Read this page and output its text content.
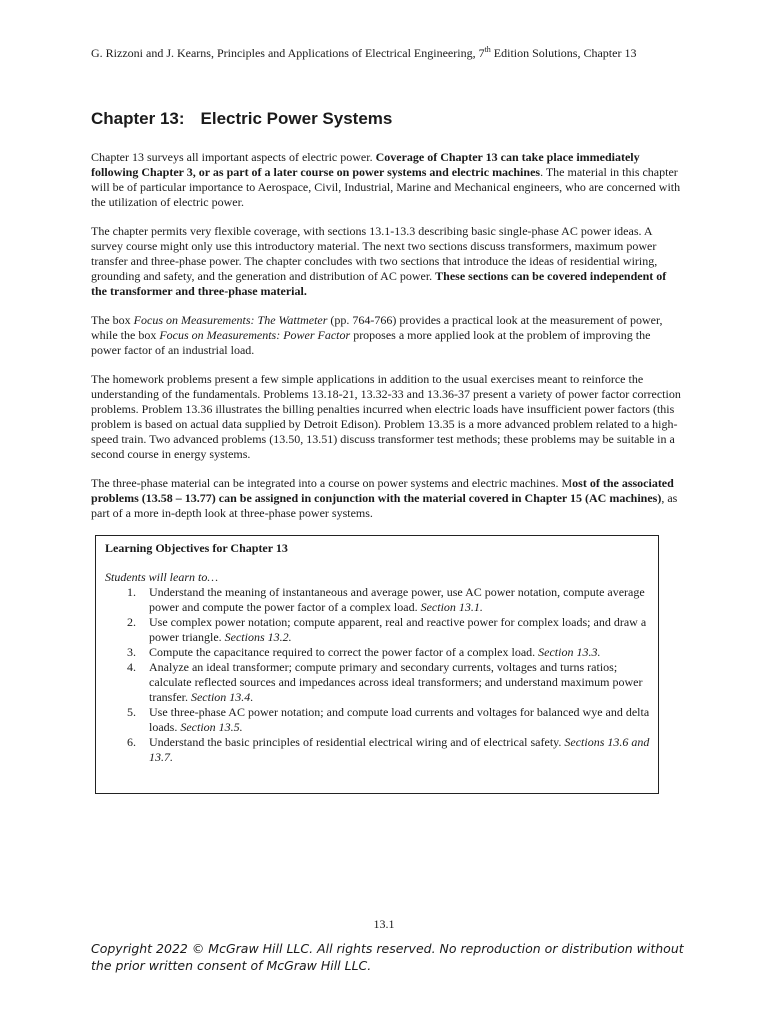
G. Rizzoni and J. Kearns, Principles and Applications of Electrical Engineering, 7th Edition Solutions, Chapter 13
Chapter 13: Electric Power Systems

Chapter 13 surveys all important aspects of electric power. Coverage of Chapter 13 can take place immediately following Chapter 3, or as part of a later course on power systems and electric machines. The material in this chapter will be of particular importance to Aerospace, Civil, Industrial, Marine and Mechanical engineers, who are concerned with the utilization of electric power.

The chapter permits very flexible coverage, with sections 13.1-13.3 describing basic single-phase AC power ideas. A survey course might only use this introductory material. The next two sections discuss transformers, maximum power transfer and three-phase power. The chapter concludes with two sections that introduce the ideas of residential wiring, grounding and safety, and the generation and distribution of AC power. These sections can be covered independent of the transformer and three-phase material.

The box Focus on Measurements: The Wattmeter (pp. 764-766) provides a practical look at the measurement of power, while the box Focus on Measurements: Power Factor proposes a more applied look at the problem of improving the power factor of an industrial load.

The homework problems present a few simple applications in addition to the usual exercises meant to reinforce the understanding of the fundamentals. Problems 13.18-21, 13.32-33 and 13.36-37 present a variety of power factor correction problems. Problem 13.36 illustrates the billing penalties incurred when electric loads have insufficient power factors (this problem is based on actual data supplied by Detroit Edison). Problem 13.35 is a more advanced problem related to a high-speed train. Two advanced problems (13.50, 13.51) discuss transformer test methods; these problems may be suitable in a second course in energy systems.

The three-phase material can be integrated into a course on power systems and electric machines. Most of the associated problems (13.58 – 13.77) can be assigned in conjunction with the material covered in Chapter 15 (AC machines), as part of a more in-depth look at three-phase power systems.

Learning Objectives for Chapter 13
Students will learn to…
1. Understand the meaning of instantaneous and average power, use AC power notation, compute average power and compute the power factor of a complex load. Section 13.1.
2. Use complex power notation; compute apparent, real and reactive power for complex loads; and draw a power triangle. Sections 13.2.
3. Compute the capacitance required to correct the power factor of a complex load. Section 13.3.
4. Analyze an ideal transformer; compute primary and secondary currents, voltages and turns ratios; calculate reflected sources and impedances across ideal transformers; and understand maximum power transfer. Section 13.4.
5. Use three-phase AC power notation; and compute load currents and voltages for balanced wye and delta loads. Section 13.5.
6. Understand the basic principles of residential electrical wiring and of electrical safety. Sections 13.6 and 13.7.
13.1
Copyright 2022 © McGraw Hill LLC. All rights reserved. No reproduction or distribution without the prior written consent of McGraw Hill LLC.
